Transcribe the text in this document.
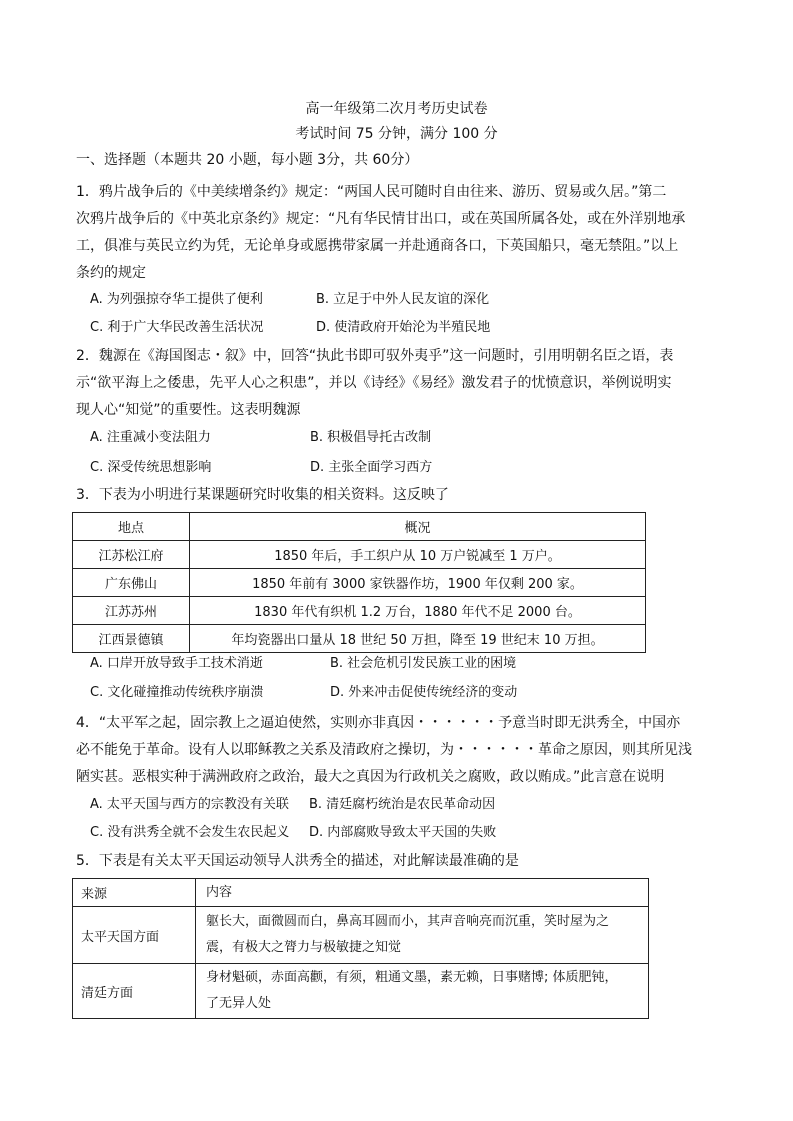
高一年级第二次月考历史试卷
考试时间 75 分钟，满分 100 分
一、选择题（本题共 20 小题，每小题 3分，共 60分）
1．鸦片战争后的《中美续增条约》规定：“两国人民可随时自由往来、游历、贸易或久居。”第二
次鸦片战争后的《中英北京条约》规定：“凡有华民情甘出口，或在英国所属各处，或在外洋别地承
工，俱准与英民立约为凭，无论单身或愿携带家属一并赴通商各口，下英国船只，毫无禁阻。”以上
条约的规定
A. 为列强掠夺华工提供了便利	B. 立足于中外人民友谊的深化
C. 利于广大华民改善生活状况	D. 使清政府开始沦为半殖民地
2．魏源在《海国图志・叙》中，回答“执此书即可驭外夷乎”这一问题时，引用明朝名臣之语，表
示“欲平海上之倭患，先平人心之积患”，并以《诗经》《易经》激发君子的忧愤意识，举例说明实
现人心“知觉”的重要性。这表明魏源
A. 注重减小变法阻力	B. 积极倡导托古改制
C. 深受传统思想影响	D. 主张全面学习西方
3．下表为小明进行某课题研究时收集的相关资料。这反映了
地点	概况
江苏松江府	1850 年后，手工织户从 10 万户锐减至 1 万户。
广东佛山	1850 年前有 3000 家铁器作坊，1900 年仅剩 200 家。
江苏苏州	1830 年代有织机 1.2 万台，1880 年代不足 2000 台。
江西景德镇	年均瓷器出口量从 18 世纪 50 万担，降至 19 世纪末 10 万担。
A. 口岸开放导致手工技术消逝	B. 社会危机引发民族工业的困境
C. 文化碰撞推动传统秩序崩溃	D. 外来冲击促使传统经济的变动
4．“太平军之起，固宗教上之逼迫使然，实则亦非真因・・・・・・予意当时即无洪秀全，中国亦
必不能免于革命。设有人以耶稣教之关系及清政府之操切，为・・・・・・革命之原因，则其所见浅
陋实甚。恶根实种于满洲政府之政治，最大之真因为行政机关之腐败，政以贿成。”此言意在说明
A. 太平天国与西方的宗教没有关联 B. 清廷腐朽统治是农民革命动因
C. 没有洪秀全就不会发生农民起义 D. 内部腐败导致太平天国的失败
5．下表是有关太平天国运动领导人洪秀全的描述，对此解读最准确的是
来源	内容
太平天国方面	躯长大，面微圆而白，鼻高耳圆而小，其声音响亮而沉重，笑时屋为之
震，有极大之膂力与极敏捷之知觉

清廷方面	身材魁硕，赤面高颧，有须，粗通文墨，素无赖，日事赌博; 体质肥钝，
了无异人处
